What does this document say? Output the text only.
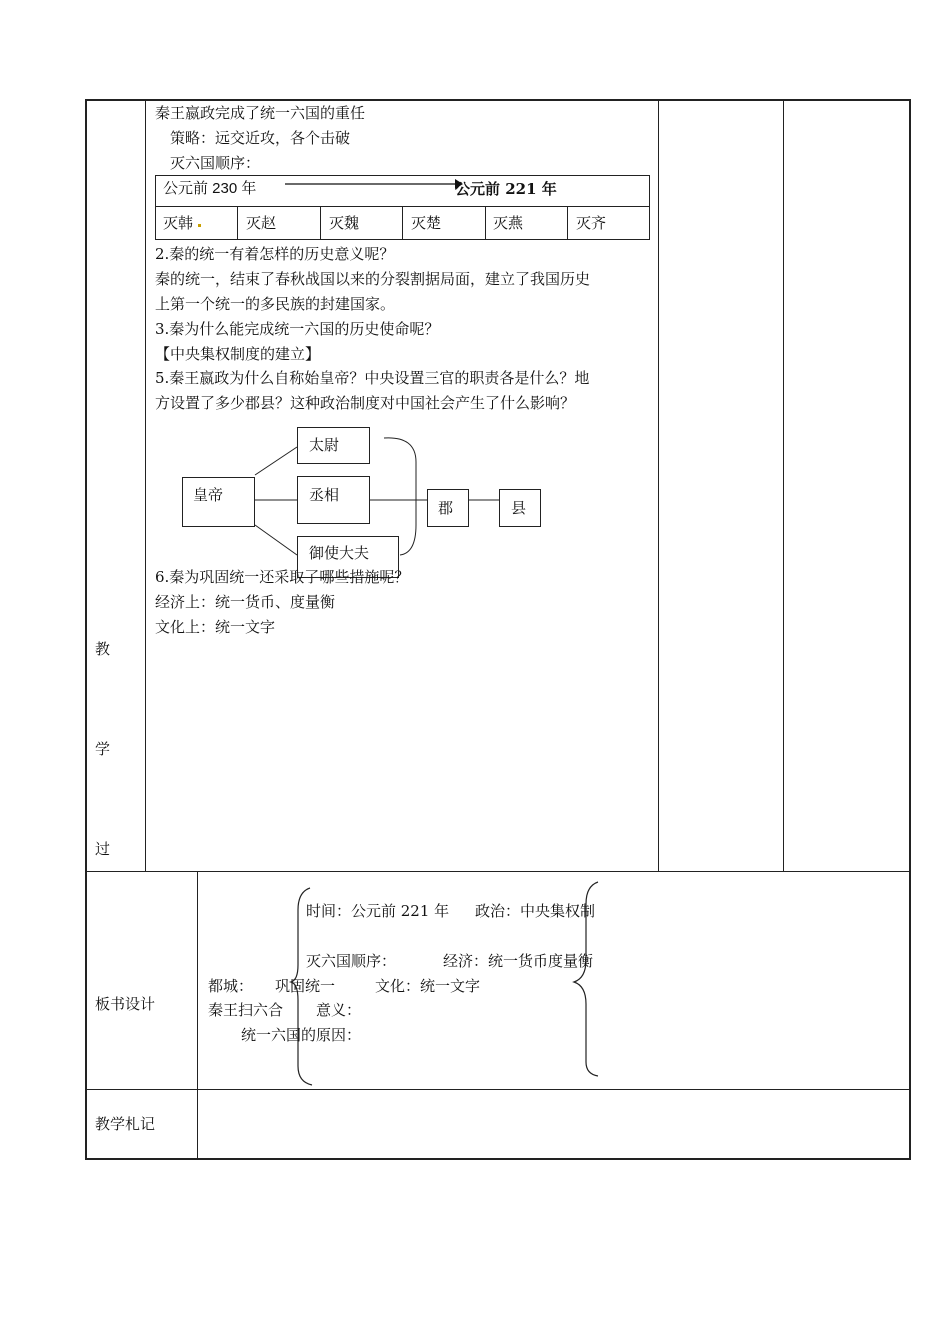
教
学
过
秦王嬴政完成了统一六国的重任
策略：远交近攻，各个击破
灭六国顺序：
公元前 230 年	公元前 221 年
灭韩	灭赵	灭魏	灭楚	灭燕	灭齐
2.秦的统一有着怎样的历史意义呢？
秦的统一，结束了春秋战国以来的分裂割据局面，建立了我国历史
上第一个统一的多民族的封建国家。
3.秦为什么能完成统一六国的历史使命呢？
【中央集权制度的建立】
5.秦王嬴政为什么自称始皇帝？中央设置三官的职责各是什么？地
方设置了多少郡县？这种政治制度对中国社会产生了什么影响？
皇帝
太尉
丞相
御使大夫
郡	县
6.秦为巩固统一还采取了哪些措施呢？
经济上：统一货币、度量衡
文化上：统一文字
板书设计
时间：公元前 221 年 政治：中央集权制
灭六国顺序：	经济：统一货币度量衡
都城： 巩固统一	文化：统一文字
秦王扫六合 意义：
统一六国的原因：
教学札记
